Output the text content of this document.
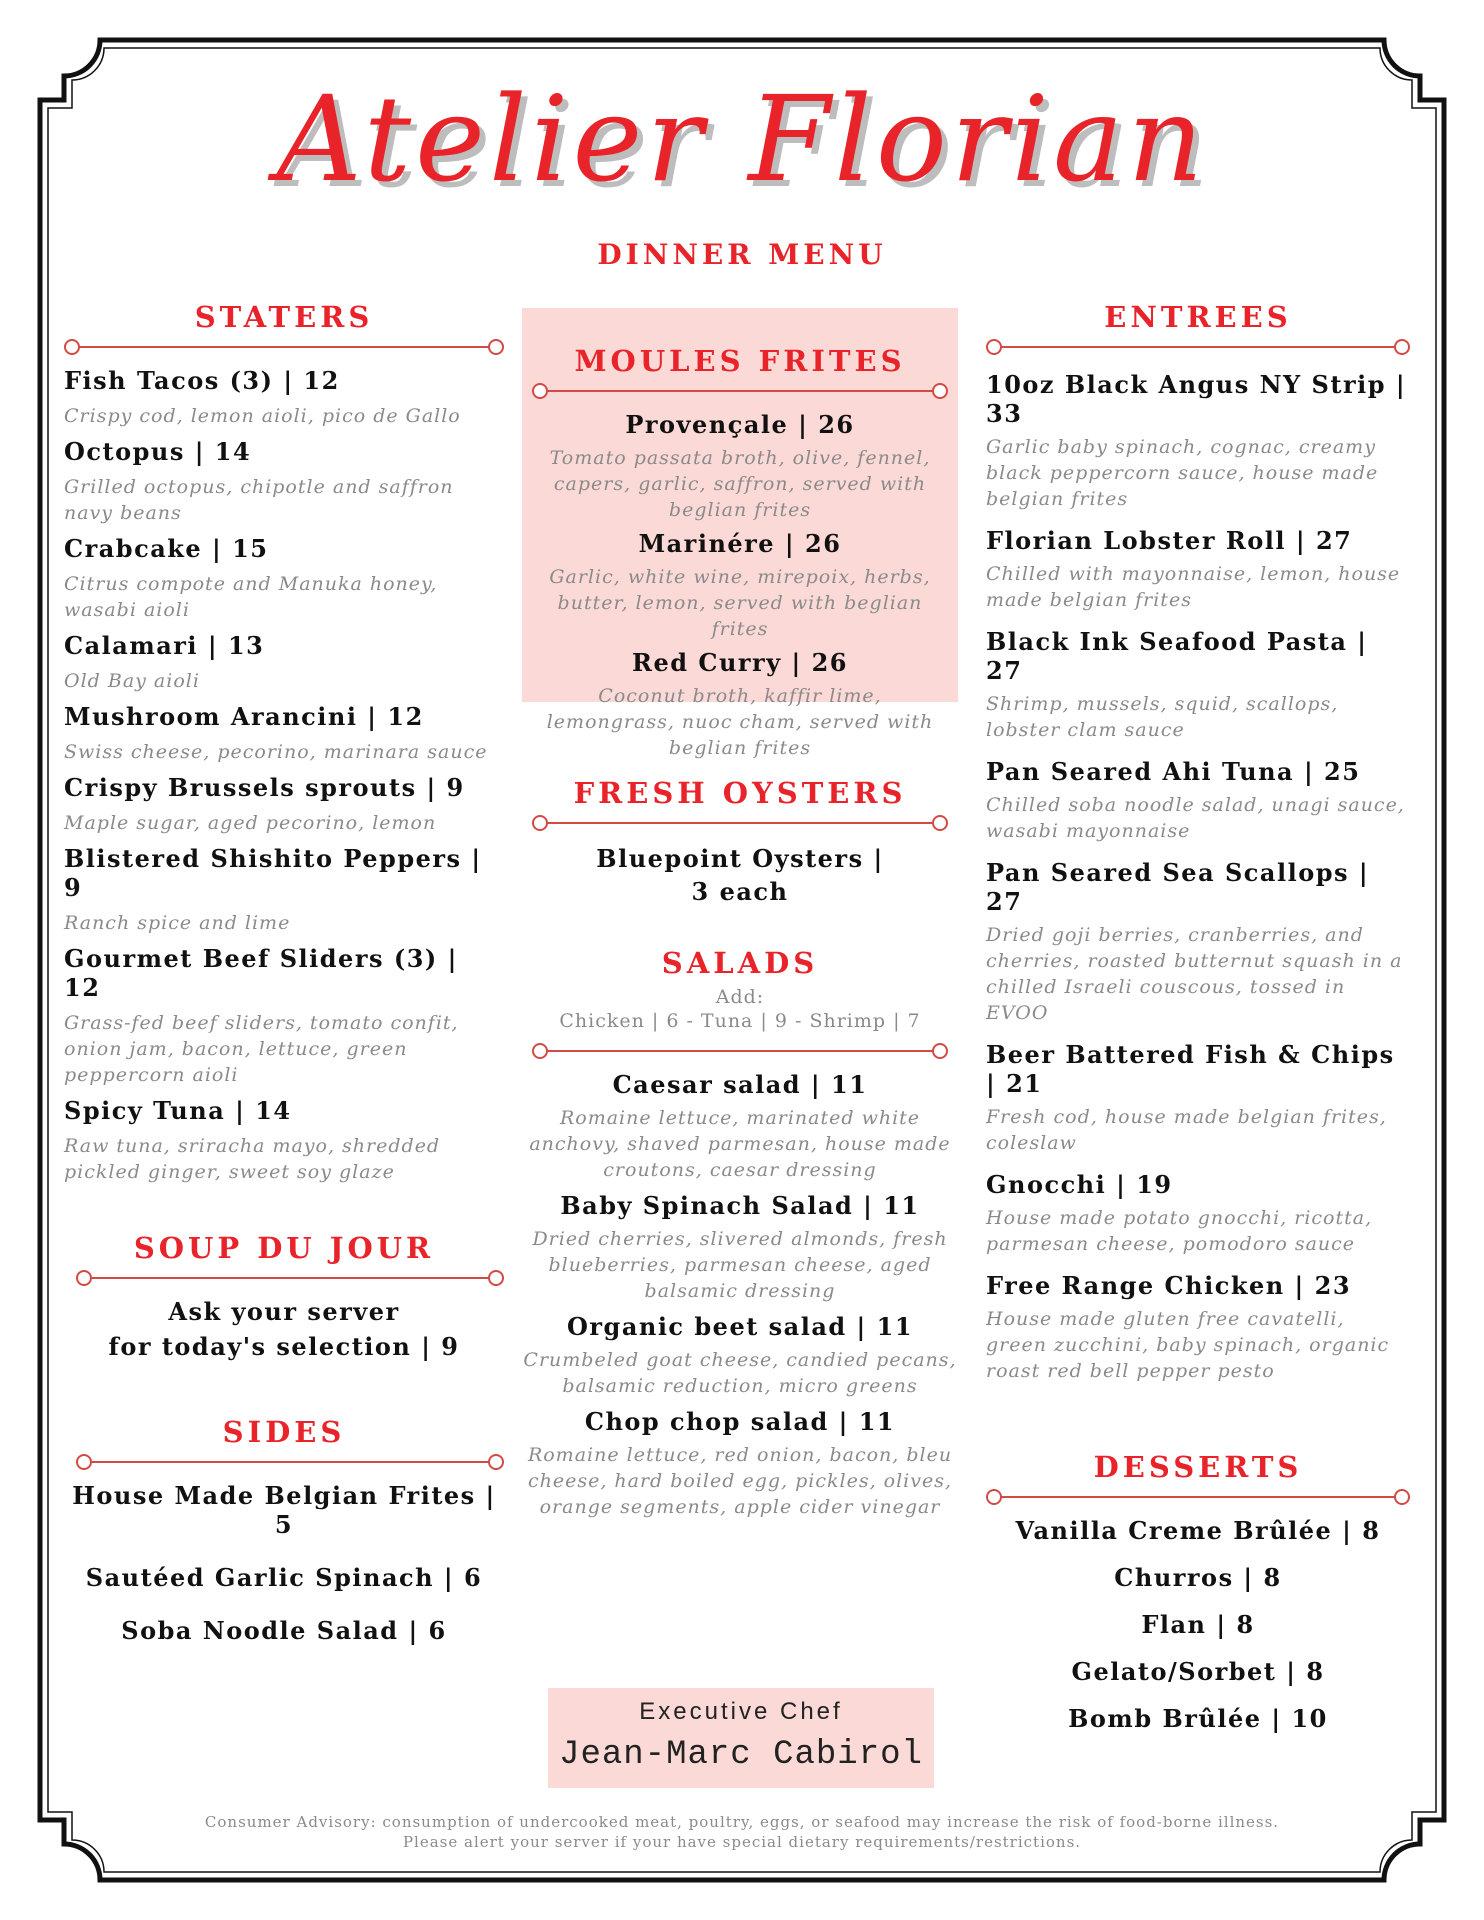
Atelier Florian
DINNER MENU
STATERS
Fish Tacos (3) | 12
Crispy cod, lemon aioli, pico de Gallo
Octopus | 14
Grilled octopus, chipotle and saffron navy beans
Crabcake | 15
Citrus compote and Manuka honey, wasabi aioli
Calamari | 13
Old Bay aioli
Mushroom Arancini | 12
Swiss cheese, pecorino, marinara sauce
Crispy Brussels sprouts | 9
Maple sugar, aged pecorino, lemon
Blistered Shishito Peppers | 9
Ranch spice and lime
Gourmet Beef Sliders (3) | 12
Grass-fed beef sliders, tomato confit, onion jam, bacon, lettuce, green peppercorn aioli
Spicy Tuna | 14
Raw tuna, sriracha mayo, shredded pickled ginger, sweet soy glaze
SOUP DU JOUR
Ask your server
for today's selection | 9
SIDES
House Made Belgian Frites | 5
Sautéed Garlic Spinach | 6
Soba Noodle Salad | 6
MOULES FRITES
Provençale | 26
Tomato passata broth, olive, fennel, capers, garlic, saffron, served with beglian frites
Marinére | 26
Garlic, white wine, mirepoix, herbs, butter, lemon, served with beglian frites
Red Curry | 26
Coconut broth, kaffir lime, lemongrass, nuoc cham, served with beglian frites
FRESH OYSTERS
Bluepoint Oysters | 3 each
SALADS
Add:
Chicken | 6 - Tuna | 9 - Shrimp | 7
Caesar salad | 11
Romaine lettuce, marinated white anchovy, shaved parmesan, house made croutons, caesar dressing
Baby Spinach Salad | 11
Dried cherries, slivered almonds, fresh blueberries, parmesan cheese, aged balsamic dressing
Organic beet salad | 11
Crumbeled goat cheese, candied pecans, balsamic reduction, micro greens
Chop chop salad | 11
Romaine lettuce, red onion, bacon, bleu cheese, hard boiled egg, pickles, olives, orange segments, apple cider vinegar
ENTREES
10oz Black Angus NY Strip | 33
Garlic baby spinach, cognac, creamy black peppercorn sauce, house made belgian frites
Florian Lobster Roll | 27
Chilled with mayonnaise, lemon, house made belgian frites
Black Ink Seafood Pasta | 27
Shrimp, mussels, squid, scallops, lobster clam sauce
Pan Seared Ahi Tuna | 25
Chilled soba noodle salad, unagi sauce, wasabi mayonnaise
Pan Seared Sea Scallops | 27
Dried goji berries, cranberries, and cherries, roasted butternut squash in a chilled Israeli couscous, tossed in EVOO
Beer Battered Fish & Chips | 21
Fresh cod, house made belgian frites, coleslaw
Gnocchi | 19
House made potato gnocchi, ricotta, parmesan cheese, pomodoro sauce
Free Range Chicken | 23
House made gluten free cavatelli, green zucchini, baby spinach, organic roast red bell pepper pesto
DESSERTS
Vanilla Creme Brûlée | 8
Churros | 8
Flan | 8
Gelato/Sorbet | 8
Bomb Brûlée | 10
Executive Chef
Jean-Marc Cabirol
Consumer Advisory: consumption of undercooked meat, poultry, eggs, or seafood may increase the risk of food-borne illness.
Please alert your server if your have special dietary requirements/restrictions.
